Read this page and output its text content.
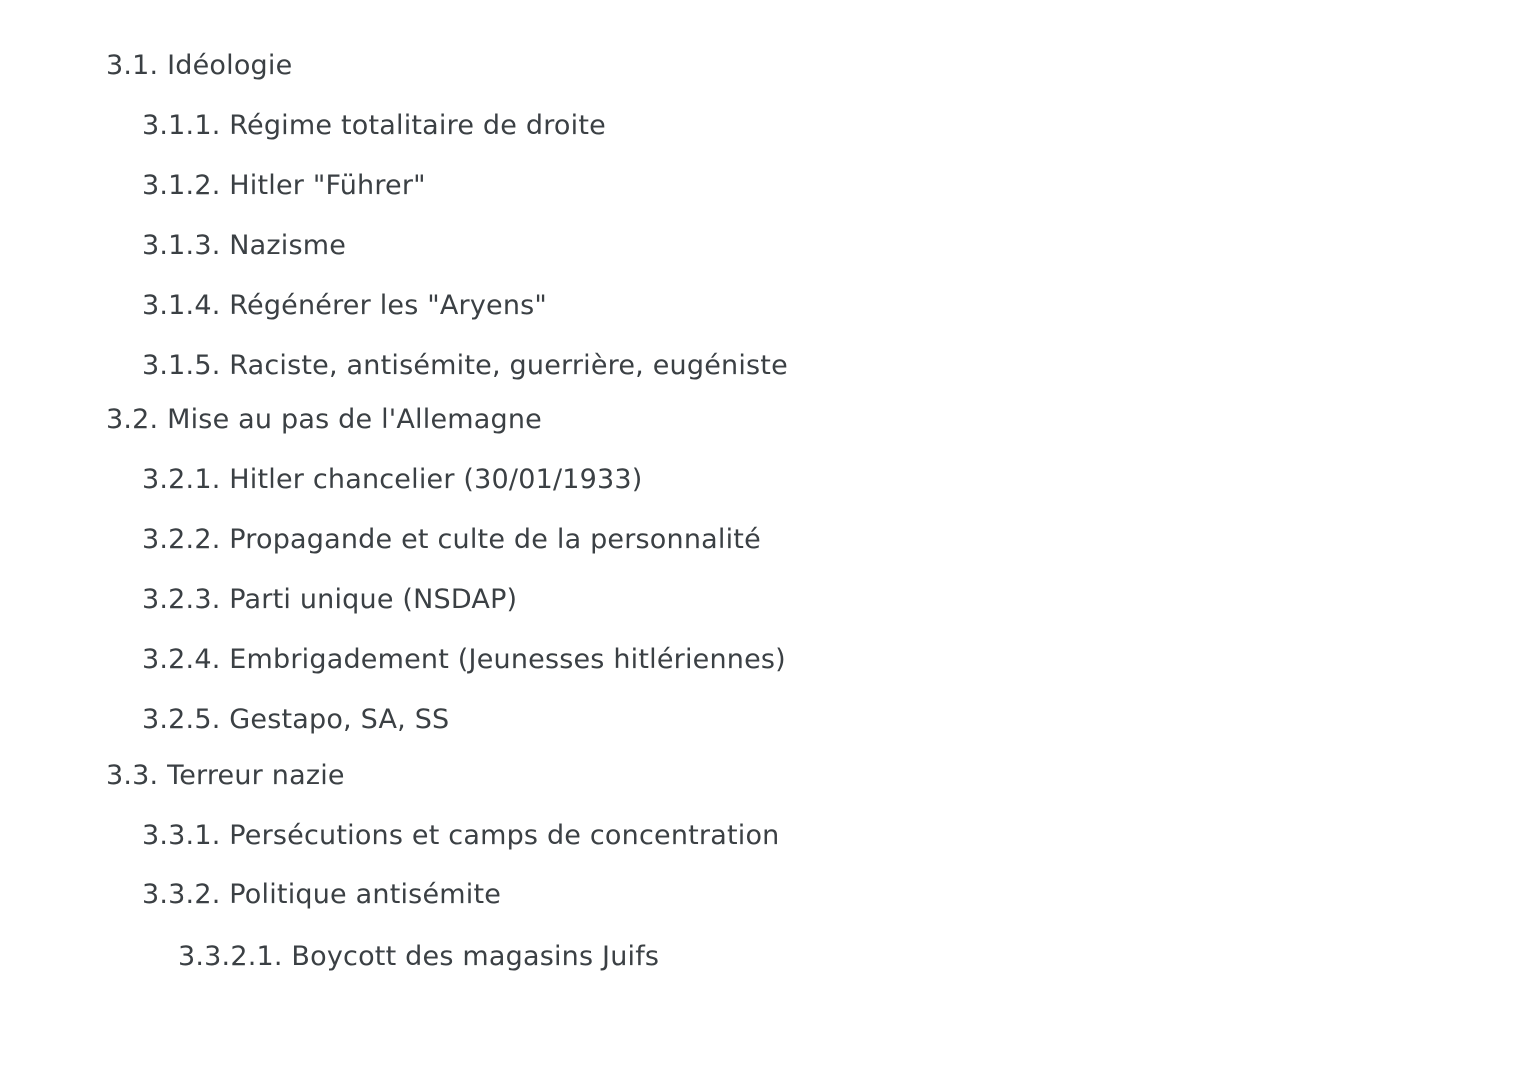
3.1. Idéologie
3.1.1. Régime totalitaire de droite
3.1.2. Hitler "Führer"
3.1.3. Nazisme
3.1.4. Régénérer les "Aryens"
3.1.5. Raciste, antisémite, guerrière, eugéniste
3.2. Mise au pas de l'Allemagne
3.2.1. Hitler chancelier (30/01/1933)
3.2.2. Propagande et culte de la personnalité
3.2.3. Parti unique (NSDAP)
3.2.4. Embrigadement (Jeunesses hitlériennes)
3.2.5. Gestapo, SA, SS
3.3. Terreur nazie
3.3.1. Persécutions et camps de concentration
3.3.2. Politique antisémite
3.3.2.1. Boycott des magasins Juifs
